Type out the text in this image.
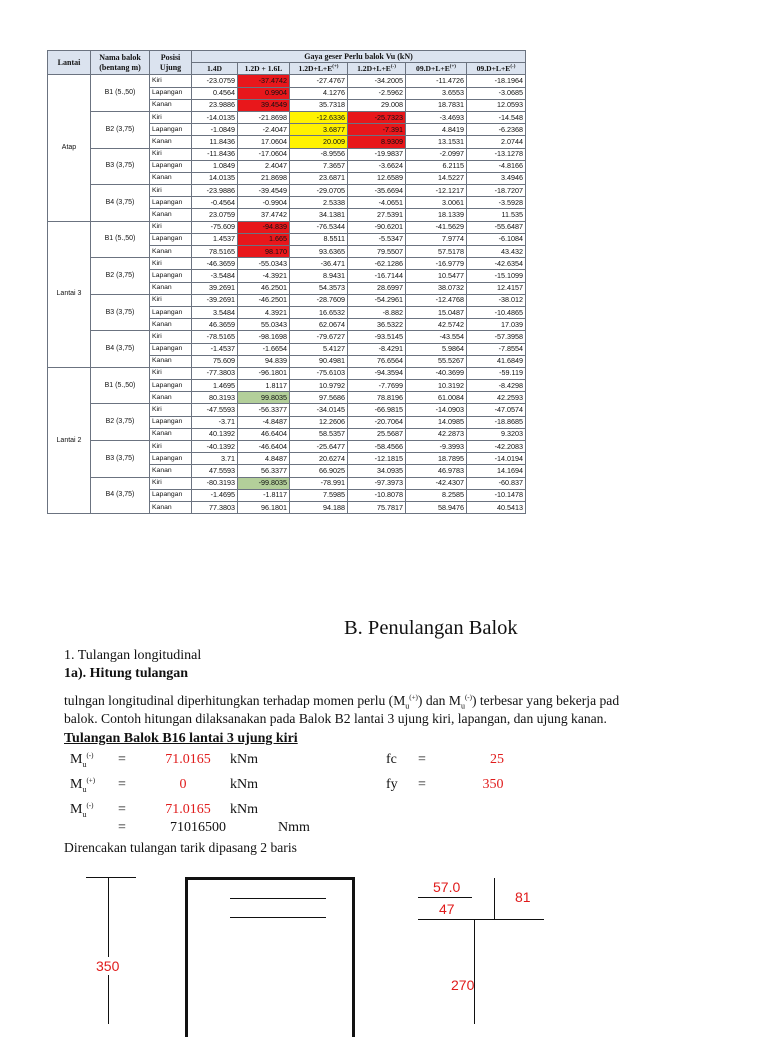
Lantai	Nama balok
(bentang m)	Posisi
Ujung	Gaya geser Perlu balok Vu (kN)					
			1.4D	1.2D + 1.6L	1.2D+L+E(+)	1.2D+L+E(-)	09.D+L+E(+)	09.D+L+E(-)
Atap	B1 (5.,50)	Kiri	-23.0759	-37.4742	-27.4767	-34.2005	-11.4726	-18.1964
		Lapangan	0.4564	0.9904	4.1276	-2.5962	3.6553	-3.0685
		Kanan	23.9886	39.4549	35.7318	29.008	18.7831	12.0593
	B2 (3,75)	Kiri	-14.0135	-21.8698	-12.6336	-25.7323	-3.4693	-14.548
		Lapangan	-1.0849	-2.4047	3.6877	-7.391	4.8419	-6.2368
		Kanan	11.8436	17.0604	20.009	8.9309	13.1531	2.0744
	B3 (3,75)	Kiri	-11.8436	-17.0604	-8.9556	-19.9837	-2.0997	-13.1278
		Lapangan	1.0849	2.4047	7.3657	-3.6624	6.2115	-4.8166
		Kanan	14.0135	21.8698	23.6871	12.6589	14.5227	3.4946
	B4 (3,75)	Kiri	-23.9886	-39.4549	-29.0705	-35.6694	-12.1217	-18.7207
		Lapangan	-0.4564	-0.9904	2.5338	-4.0651	3.0061	-3.5928
		Kanan	23.0759	37.4742	34.1381	27.5391	18.1339	11.535
Lantai 3	B1 (5.,50)	Kiri	-75.609	-94.839	-76.5344	-90.6201	-41.5629	-55.6487
		Lapangan	1.4537	1.665	8.5511	-5.5347	7.9774	-6.1084
		Kanan	78.5165	98.170	93.6365	79.5507	57.5178	43.432
	B2 (3,75)	Kiri	-46.3659	-55.0343	-36.471	-62.1286	-16.9779	-42.6354
		Lapangan	-3.5484	-4.3921	8.9431	-16.7144	10.5477	-15.1099
		Kanan	39.2691	46.2501	54.3573	28.6997	38.0732	12.4157
	B3 (3,75)	Kiri	-39.2691	-46.2501	-28.7609	-54.2961	-12.4768	-38.012
		Lapangan	3.5484	4.3921	16.6532	-8.882	15.0487	-10.4865
		Kanan	46.3659	55.0343	62.0674	36.5322	42.5742	17.039
	B4 (3,75)	Kiri	-78.5165	-98.1698	-79.6727	-93.5145	-43.554	-57.3958
		Lapangan	-1.4537	-1.6654	5.4127	-8.4291	5.9864	-7.8554
		Kanan	75.609	94.839	90.4981	76.6564	55.5267	41.6849
Lantai 2	B1 (5.,50)	Kiri	-77.3803	-96.1801	-75.6103	-94.3594	-40.3699	-59.119
		Lapangan	1.4695	1.8117	10.9792	-7.7699	10.3192	-8.4298
		Kanan	80.3193	99.8035	97.5686	78.8196	61.0084	42.2593
	B2 (3,75)	Kiri	-47.5593	-56.3377	-34.0145	-66.9815	-14.0903	-47.0574
		Lapangan	-3.71	-4.8487	12.2606	-20.7064	14.0985	-18.8685
		Kanan	40.1392	46.6404	58.5357	25.5687	42.2873	9.3203
	B3 (3,75)	Kiri	-40.1392	-46.6404	-25.6477	-58.4566	-9.3993	-42.2083
		Lapangan	3.71	4.8487	20.6274	-12.1815	18.7895	-14.0194
		Kanan	47.5593	56.3377	66.9025	34.0935	46.9783	14.1694
	B4 (3,75)	Kiri	-80.3193	-99.8035	-78.991	-97.3973	-42.4307	-60.837
		Lapangan	-1.4695	-1.8117	7.5985	-10.8078	8.2585	-10.1478
		Kanan	77.3803	96.1801	94.188	75.7817	58.9476	40.5413
B. Penulangan Balok
1. Tulangan longitudinal
1a). Hitung tulangan
tulngan longitudinal diperhitungkan terhadap momen perlu $(M_u^{(+)})$ dan $M_u^{(-)}$) terbesar yang bekerja pad
balok. Contoh hitungan dilaksanakan pada Balok B2 lantai 3 ujung kiri, lapangan, dan ujung kanan.
Tulangan Balok B16 lantai 3 ujung kiri
$M_u^{(-)}$ =	71.0165	kNm	fc =	25
$M_u^{(+)}$ =	0	kNm	fy =	350
$M_u^{(-)}$ =	71.0165	kNm
=	71016500	Nmm
Direncakan tulangan tarik dipasang 2 baris
350
57.0
47
81
270
